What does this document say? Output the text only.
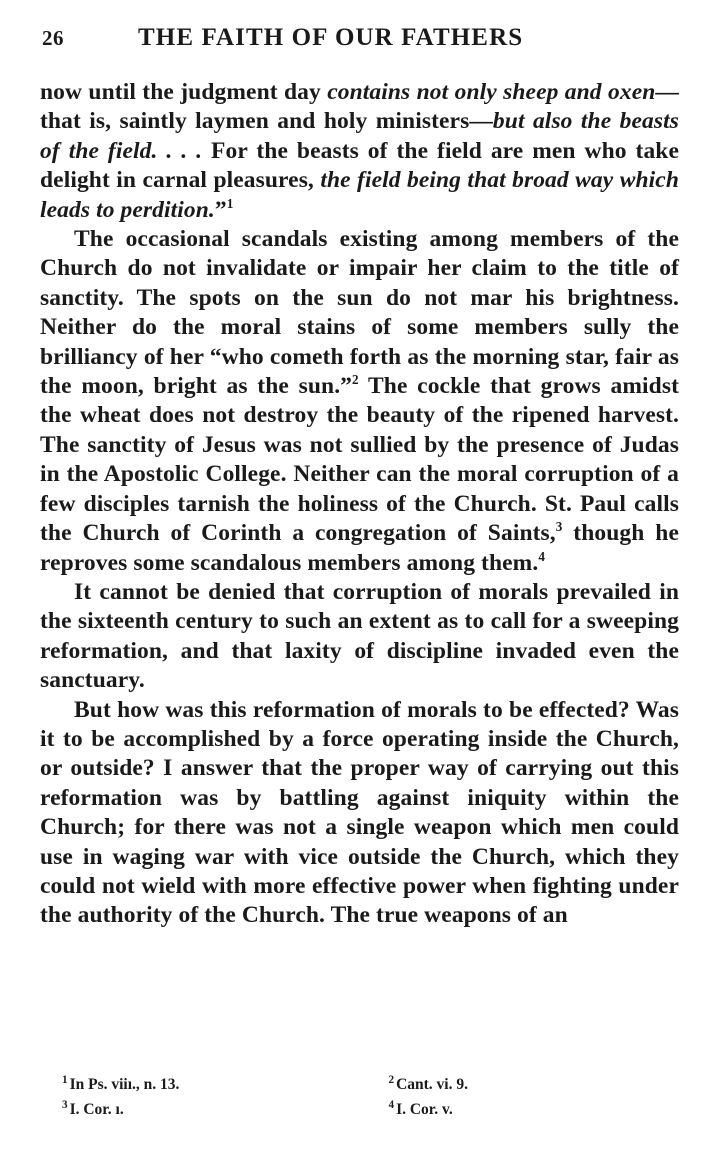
26	THE FAITH OF OUR FATHERS

now until the judgment day contains not only sheep and oxen—that is, saintly laymen and holy ministers—but also the beasts of the field. . . . For the beasts of the field are men who take delight in carnal pleasures, the field being that broad way which leads to perdition.”$^1$

The occasional scandals existing among members of the Church do not invalidate or impair her claim to the title of sanctity. The spots on the sun do not mar his brightness. Neither do the moral stains of some members sully the brilliancy of her “who cometh forth as the morning star, fair as the moon, bright as the sun.”$^2$ The cockle that grows amidst the wheat does not destroy the beauty of the ripened harvest. The sanctity of Jesus was not sullied by the presence of Judas in the Apostolic College. Neither can the moral corruption of a few disciples tarnish the holiness of the Church. St. Paul calls the Church of Corinth a congregation of Saints,$^3$ though he reproves some scandalous members among them.$^4$

It cannot be denied that corruption of morals prevailed in the sixteenth century to such an extent as to call for a sweeping reformation, and that laxity of discipline invaded even the sanctuary.

But how was this reformation of morals to be effected? Was it to be accomplished by a force operating inside the Church, or outside? I answer that the proper way of carrying out this reformation was by battling against iniquity within the Church; for there was not a single weapon which men could use in waging war with vice outside the Church, which they could not wield with more effective power when fighting under the authority of the Church. The true weapons of an

$^1$ In Ps. viiı., n. 13.	$^2$ Cant. vi. 9.
$^3$ I. Cor. ı.	$^4$ I. Cor. v.
